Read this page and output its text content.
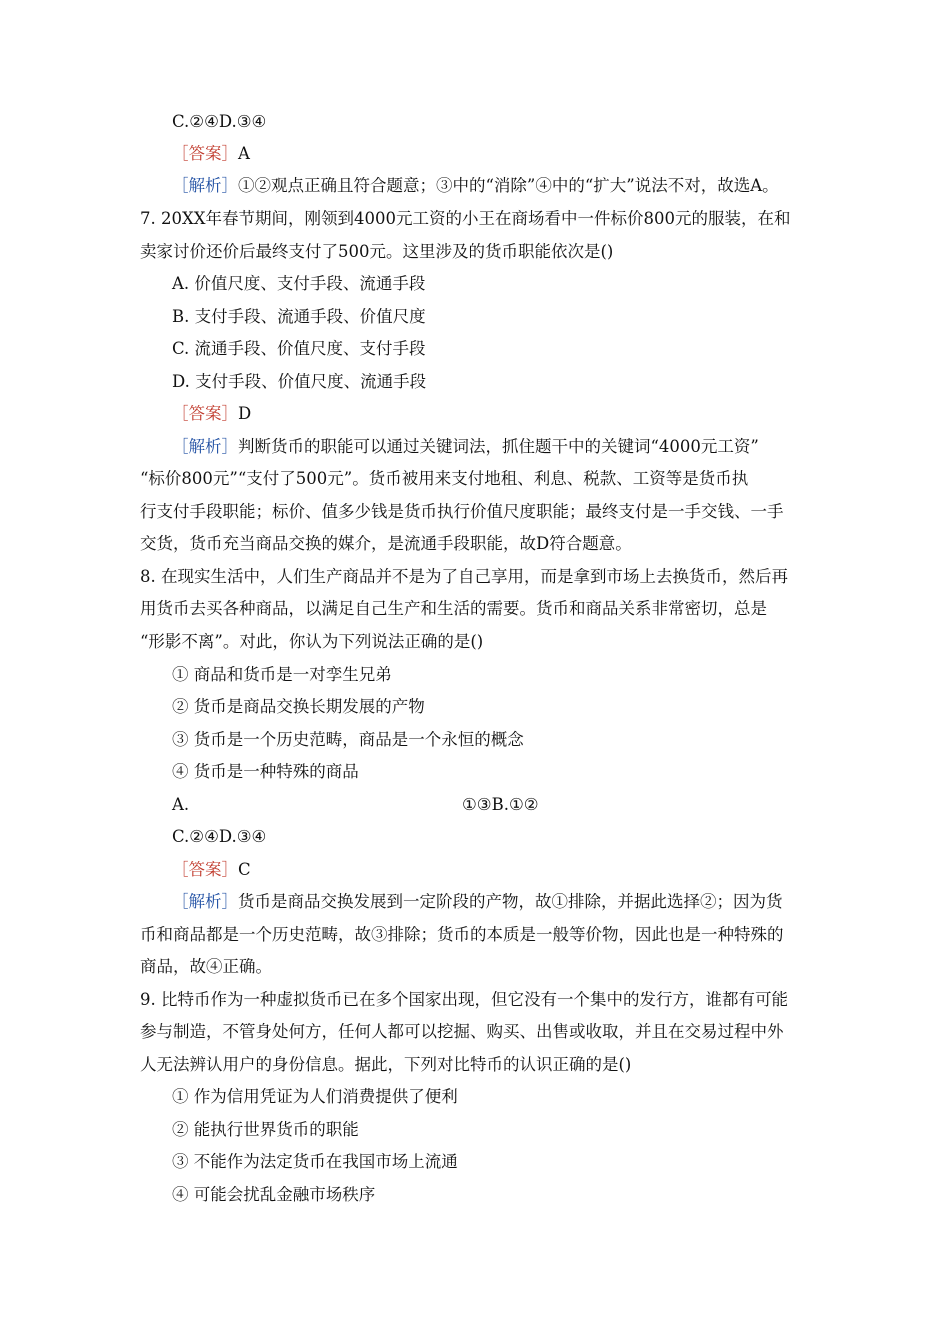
C.②④D.③④
［答案］A
［解析］①②观点正确且符合题意；③中的“消除”④中的“扩大”说法不对，故选A。
7. 20XX年春节期间，刚领到4000元工资的小王在商场看中一件标价800元的服装，在和
卖家讨价还价后最终支付了500元。这里涉及的货币职能依次是()
A. 价值尺度、支付手段、流通手段
B. 支付手段、流通手段、价值尺度
C. 流通手段、价值尺度、支付手段
D. 支付手段、价值尺度、流通手段
［答案］D
［解析］判断货币的职能可以通过关键词法，抓住题干中的关键词“4000元工资”
“标价800元”“支付了500元”。货币被用来支付地租、利息、税款、工资等是货币执
行支付手段职能；标价、值多少钱是货币执行价值尺度职能；最终支付是一手交钱、一手
交货，货币充当商品交换的媒介，是流通手段职能，故D符合题意。
8. 在现实生活中，人们生产商品并不是为了自己享用，而是拿到市场上去换货币，然后再
用货币去买各种商品，以满足自己生产和生活的需要。货币和商品关系非常密切，总是
“形影不离”。对此，你认为下列说法正确的是()
① 商品和货币是一对孪生兄弟
② 货币是商品交换长期发展的产物
③ 货币是一个历史范畴，商品是一个永恒的概念
④ 货币是一种特殊的商品
A.	①③B.①②
C.②④D.③④
［答案］C
［解析］货币是商品交换发展到一定阶段的产物，故①排除，并据此选择②；因为货
币和商品都是一个历史范畴，故③排除；货币的本质是一般等价物，因此也是一种特殊的
商品，故④正确。
9. 比特币作为一种虚拟货币已在多个国家出现，但它没有一个集中的发行方，谁都有可能
参与制造，不管身处何方，任何人都可以挖掘、购买、出售或收取，并且在交易过程中外
人无法辨认用户的身份信息。据此，下列对比特币的认识正确的是()
① 作为信用凭证为人们消费提供了便利
② 能执行世界货币的职能
③ 不能作为法定货币在我国市场上流通
④ 可能会扰乱金融市场秩序
